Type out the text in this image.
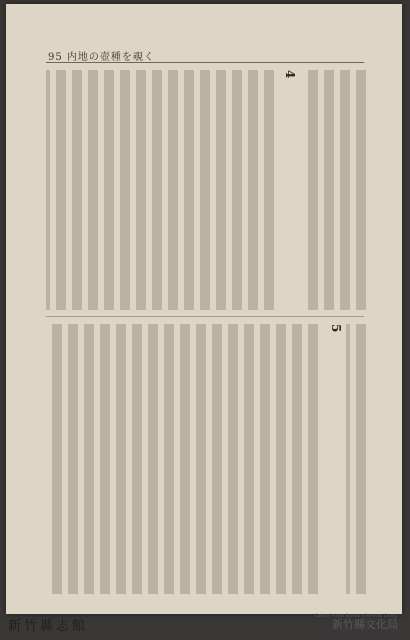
95 内地の壺種を覗く
4
5
Cultural Affairs Bureau of Hsinchu County
新竹縣文化局
新竹縣志館
